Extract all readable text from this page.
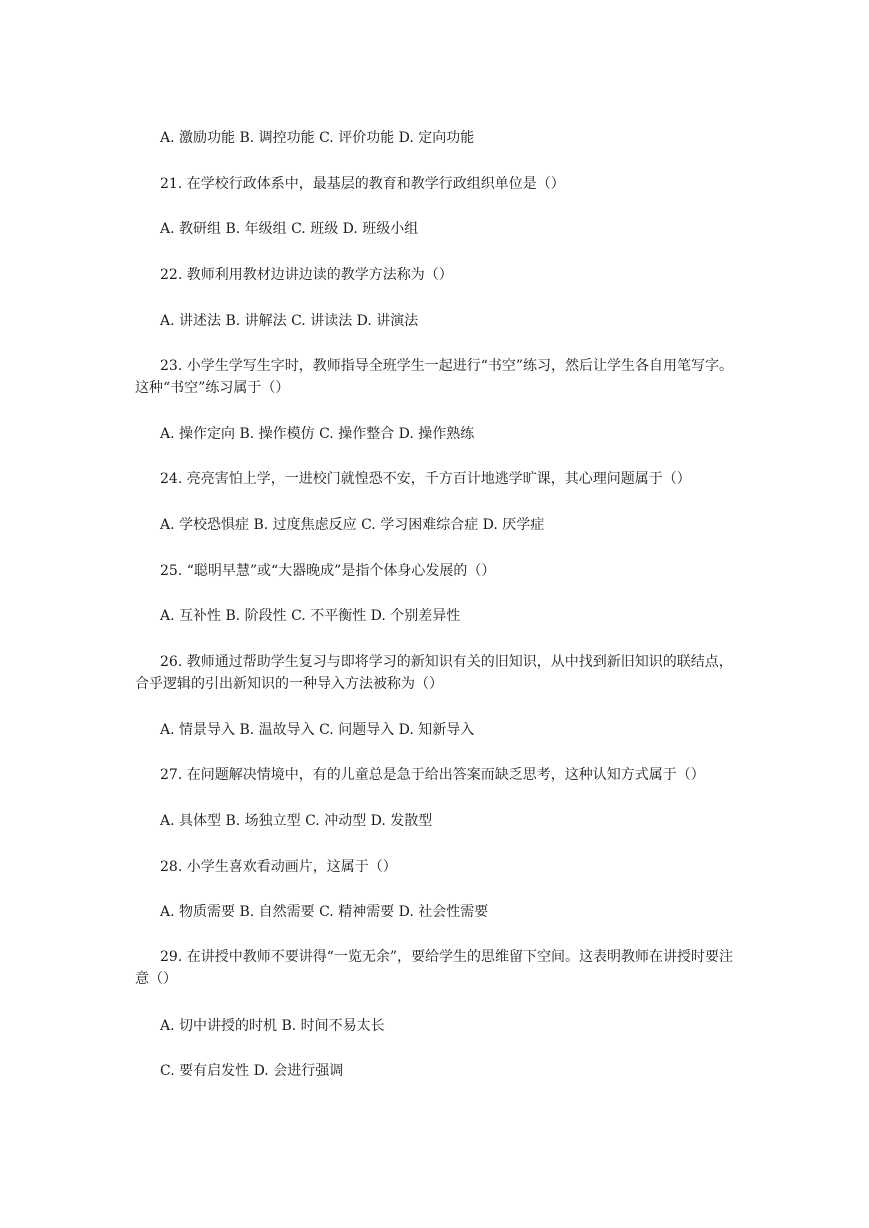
A. 激励功能 B. 调控功能 C. 评价功能 D. 定向功能
21. 在学校行政体系中，最基层的教育和教学行政组织单位是（）
A. 教研组 B. 年级组 C. 班级 D. 班级小组
22. 教师利用教材边讲边读的教学方法称为（）
A. 讲述法 B. 讲解法 C. 讲读法 D. 讲演法
23. 小学生学写生字时，教师指导全班学生一起进行“书空”练习，然后让学生各自用笔写字。这种“书空”练习属于（）
A. 操作定向 B. 操作模仿 C. 操作整合 D. 操作熟练
24. 亮亮害怕上学，一进校门就惶恐不安，千方百计地逃学旷课，其心理问题属于（）
A. 学校恐惧症 B. 过度焦虑反应 C. 学习困难综合症 D. 厌学症
25. “聪明早慧”或“大器晚成”是指个体身心发展的（）
A. 互补性 B. 阶段性 C. 不平衡性 D. 个别差异性
26. 教师通过帮助学生复习与即将学习的新知识有关的旧知识，从中找到新旧知识的联结点，合乎逻辑的引出新知识的一种导入方法被称为（）
A. 情景导入 B. 温故导入 C. 问题导入 D. 知新导入
27. 在问题解决情境中，有的儿童总是急于给出答案而缺乏思考，这种认知方式属于（）
A. 具体型 B. 场独立型 C. 冲动型 D. 发散型
28. 小学生喜欢看动画片，这属于（）
A. 物质需要 B. 自然需要 C. 精神需要 D. 社会性需要
29. 在讲授中教师不要讲得“一览无余”，要给学生的思维留下空间。这表明教师在讲授时要注意（）
A. 切中讲授的时机 B. 时间不易太长
C. 要有启发性 D. 会进行强调
